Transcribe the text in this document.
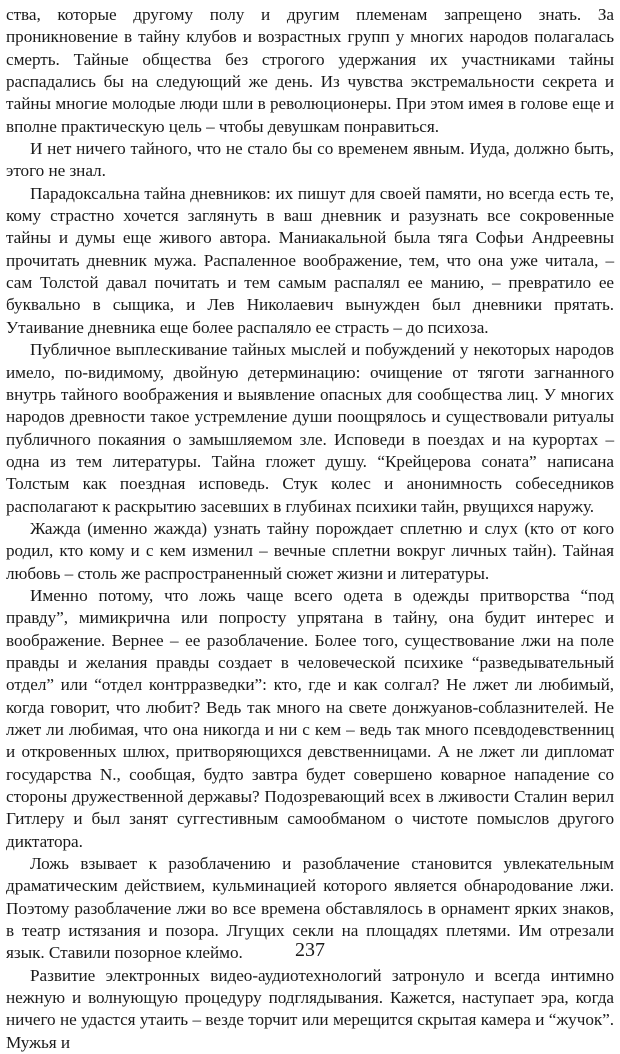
ства, которые другому полу и другим племенам запрещено знать. За проникновение в тайну клубов и возрастных групп у многих народов полагалась смерть. Тайные общества без строгого удержания их участниками тайны распадались бы на следующий же день. Из чувства экстремальности секрета и тайны многие молодые люди шли в революционеры. При этом имея в голове еще и вполне практическую цель – чтобы девушкам понравиться.

И нет ничего тайного, что не стало бы со временем явным. Иуда, должно быть, этого не знал.

Парадоксальна тайна дневников: их пишут для своей памяти, но всегда есть те, кому страстно хочется заглянуть в ваш дневник и разузнать все сокровенные тайны и думы еще живого автора. Маниакальной была тяга Софьи Андреевны прочитать дневник мужа. Распаленное воображение, тем, что она уже читала, – сам Толстой давал почитать и тем самым распалял ее манию, – превратило ее буквально в сыщика, и Лев Николаевич вынужден был дневники прятать. Утаивание дневника еще более распаляло ее страсть – до психоза.

Публичное выплескивание тайных мыслей и побуждений у некоторых народов имело, по-видимому, двойную детерминацию: очищение от тяготи загнанного внутрь тайного воображения и выявление опасных для сообщества лиц. У многих народов древности такое устремление души поощрялось и существовали ритуалы публичного покаяния о замышляемом зле. Исповеди в поездах и на курортах – одна из тем литературы. Тайна гложет душу. “Крейцерова соната” написана Толстым как поездная исповедь. Стук колес и анонимность собеседников располагают к раскрытию засевших в глубинах психики тайн, рвущихся наружу.

Жажда (именно жажда) узнать тайну порождает сплетню и слух (кто от кого родил, кто кому и с кем изменил – вечные сплетни вокруг личных тайн). Тайная любовь – столь же распространенный сюжет жизни и литературы.

Именно потому, что ложь чаще всего одета в одежды притворства “под правду”, мимикрична или попросту упрятана в тайну, она будит интерес и воображение. Вернее – ее разоблачение. Более того, существование лжи на поле правды и желания правды создает в человеческой психике “разведывательный отдел” или “отдел контрразведки”: кто, где и как солгал? Не лжет ли любимый, когда говорит, что любит? Ведь так много на свете донжуанов-соблазнителей. Не лжет ли любимая, что она никогда и ни с кем – ведь так много псевдодевственниц и откровенных шлюх, притворяющихся девственницами. А не лжет ли дипломат государства N., сообщая, будто завтра будет совершено коварное нападение со стороны дружественной державы? Подозревающий всех в лживости Сталин верил Гитлеру и был занят суггестивным самообманом о чистоте помыслов другого диктатора.

Ложь взывает к разоблачению и разоблачение становится увлекательным драматическим действием, кульминацией которого является обнародование лжи. Поэтому разоблачение лжи во все времена обставлялось в орнамент ярких знаков, в театр истязания и позора. Лгущих секли на площадях плетями. Им отрезали язык. Ставили позорное клеймо.

Развитие электронных видео-аудиотехнологий затронуло и всегда интимно нежную и волнующую процедуру подглядывания. Кажется, наступает эра, когда ничего не удастся утаить – везде торчит или мерещится скрытая камера и “жучок”. Мужья и

237
